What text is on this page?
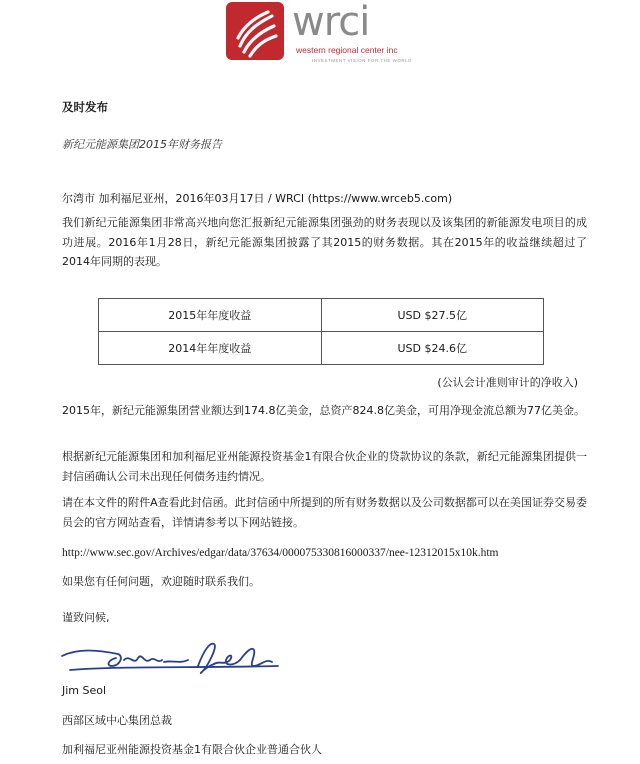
wrci
western regional center inc
INVESTMENT VISION FOR THE WORLD
及时发布
新纪元能源集团2015年财务报告
尔湾市 加利福尼亚州，2016年03月17日 / WRCI (https://www.wrceb5.com)
我们新纪元能源集团非常高兴地向您汇报新纪元能源集团强劲的财务表现以及该集团的新能源发电项目的成功进展。2016年1月28日，新纪元能源集团披露了其2015的财务数据。其在2015年的收益继续超过了2014年同期的表现。
2015年年度收益	USD $27.5亿
2014年年度收益	USD $24.6亿
(公认会计准则审计的净收入)
2015年，新纪元能源集团营业额达到174.8亿美金，总资产824.8亿美金，可用净现金流总额为77亿美金。
根据新纪元能源集团和加利福尼亚州能源投资基金1有限合伙企业的贷款协议的条款，新纪元能源集团提供一封信函确认公司未出现任何债务违约情况。
请在本文件的附件A查看此封信函。此封信函中所提到的所有财务数据以及公司数据都可以在美国证券交易委员会的官方网站查看，详情请参考以下网站链接。
http://www.sec.gov/Archives/edgar/data/37634/000075330816000337/nee-12312015x10k.htm
如果您有任何问题，欢迎随时联系我们。
谨致问候,
Jim Seol
西部区域中心集团总裁
加利福尼亚州能源投资基金1有限合伙企业普通合伙人
